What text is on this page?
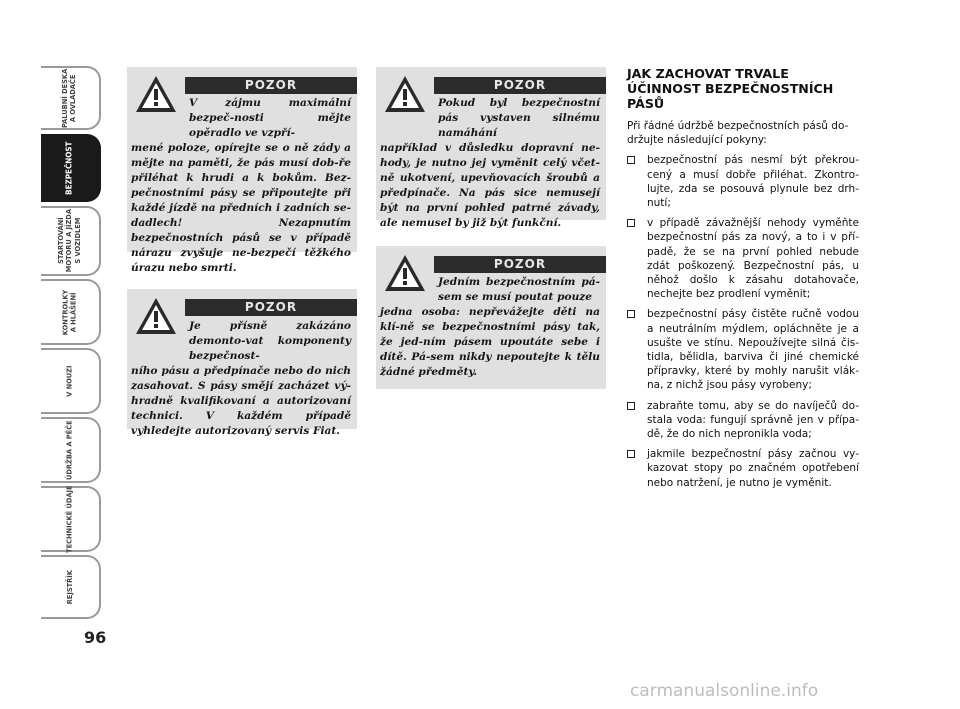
PALUBNÍ DESKA
A OVLADAČE
BEZPEČNOST
STARTOVÁNÍ
MOTORU A JÍZDA
S VOZIDLEM
KONTROLKY
A HLÁŠENÍ
V NOUZI
ÚDRŽBA A PÉČE
TECHNICKÉ ÚDAJE
REJSTŘÍK
96
POZOR
V zájmu maximální bezpeč-nosti mějte opěradlo ve vzpří-
mené poloze, opírejte se o ně zády a mějte na paměti, že pás musí dob-ře přiléhat k hrudi a k bokům. Bez-pečnostními pásy se připoutejte při každé jízdě na předních i zadních se-dadlech! Nezapnutím bezpečnostních pásů se v případě nárazu zvyšuje ne-bezpečí těžkého úrazu nebo smrti.
POZOR
Je přísně zakázáno demonto-vat komponenty bezpečnost-
ního pásu a předpínače nebo do nich zasahovat. S pásy smějí zacházet vý-hradně kvalifikovaní a autorizovaní technici. V každém případě vyhledejte autorizovaný servis Fiat.
POZOR
Pokud byl bezpečnostní pás vystaven silnému namáhání
například v důsledku dopravní ne-hody, je nutno jej vyměnit celý včet-ně ukotvení, upevňovacích šroubů a předpínače. Na pás sice nemusejí být na první pohled patrné závady, ale nemusel by již být funkční.
POZOR
Jedním bezpečnostním pá-sem se musí poutat pouze
jedna osoba: nepřevážejte děti na klí-ně se bezpečnostními pásy tak, že jed-ním pásem upoutáte sebe i dítě. Pá-sem nikdy nepoutejte k tělu žádné předměty.
JAK ZACHOVAT TRVALE ÚČINNOST BEZPEČNOSTNÍCH PÁSŮ
Při řádné údržbě bezpečnostních pásů do-držujte následující pokyny:
bezpečnostní pás nesmí být překrou-cený a musí dobře přiléhat. Zkontro-lujte, zda se posouvá plynule bez drh-nutí;
v případě závažnější nehody vyměňte bezpečnostní pás za nový, a to i v pří-padě, že se na první pohled nebude zdát poškozený. Bezpečnostní pás, u něhož došlo k zásahu dotahovače, nechejte bez prodlení vyměnit;
bezpečnostní pásy čistěte ručně vodou a neutrálním mýdlem, opláchněte je a usušte ve stínu. Nepoužívejte silná čis-tidla, bělidla, barviva či jiné chemické přípravky, které by mohly narušit vlák-na, z nichž jsou pásy vyrobeny;
zabraňte tomu, aby se do navíječů do-stala voda: fungují správně jen v přípa-dě, že do nich nepronikla voda;
jakmile bezpečnostní pásy začnou vy-kazovat stopy po značném opotřebení nebo natržení, je nutno je vyměnit.
carmanualsonline.info
